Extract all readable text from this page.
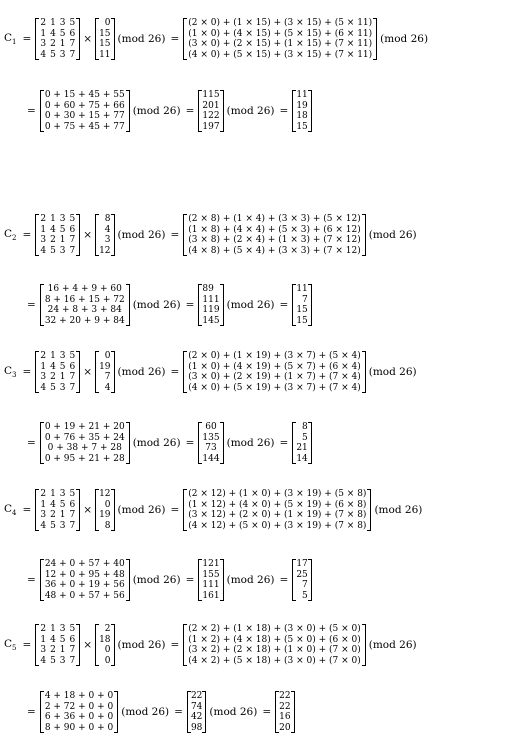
$C_1$ =
2	1	3	5
1	4	5	6
3	2	1	7
4	5	3	7
×
0
15
15
11
(mod 26) =
(2 × 0) + (1 × 15) + (3 × 15) + (5 × 11)
(1 × 0) + (4 × 15) + (5 × 15) + (6 × 11)
(3 × 0) + (2 × 15) + (1 × 15) + (7 × 11)
(4 × 0) + (5 × 15) + (3 × 15) + (7 × 11)
(mod 26)
=
0 + 15 + 45 + 55
0 + 60 + 75 + 66
0 + 30 + 15 + 77
0 + 75 + 45 + 77
(mod 26) =
115
201
122
197
(mod 26) =
11
19
18
15
$C_2$ =
2	1	3	5
1	4	5	6
3	2	1	7
4	5	3	7
×
8
4
3
12
(mod 26) =
(2 × 8) + (1 × 4) + (3 × 3) + (5 × 12)
(1 × 8) + (4 × 4) + (5 × 3) + (6 × 12)
(3 × 8) + (2 × 4) + (1 × 3) + (7 × 12)
(4 × 8) + (5 × 4) + (3 × 3) + (7 × 12)
(mod 26)
=
16 + 4 + 9 + 60
8 + 16 + 15 + 72
24 + 8 + 3 + 84
32 + 20 + 9 + 84
(mod 26) =
89
111
119
145
(mod 26) =
11
7
15
15
$C_3$ =
2	1	3	5
1	4	5	6
3	2	1	7
4	5	3	7
×
0
19
7
4
(mod 26) =
(2 × 0) + (1 × 19) + (3 × 7) + (5 × 4)
(1 × 0) + (4 × 19) + (5 × 7) + (6 × 4)
(3 × 0) + (2 × 19) + (1 × 7) + (7 × 4)
(4 × 0) + (5 × 19) + (3 × 7) + (7 × 4)
(mod 26)
=
0 + 19 + 21 + 20
0 + 76 + 35 + 24
0 + 38 + 7 + 28
0 + 95 + 21 + 28
(mod 26) =
60
135
73
144
(mod 26) =
8
5
21
14
$C_4$ =
2	1	3	5
1	4	5	6
3	2	1	7
4	5	3	7
×
12
0
19
8
(mod 26) =
(2 × 12) + (1 × 0) + (3 × 19) + (5 × 8)
(1 × 12) + (4 × 0) + (5 × 19) + (6 × 8)
(3 × 12) + (2 × 0) + (1 × 19) + (7 × 8)
(4 × 12) + (5 × 0) + (3 × 19) + (7 × 8)
(mod 26)
=
24 + 0 + 57 + 40
12 + 0 + 95 + 48
36 + 0 + 19 + 56
48 + 0 + 57 + 56
(mod 26) =
121
155
111
161
(mod 26) =
17
25
7
5
$C_5$ =
2	1	3	5
1	4	5	6
3	2	1	7
4	5	3	7
×
2
18
0
0
(mod 26) =
(2 × 2) + (1 × 18) + (3 × 0) + (5 × 0)
(1 × 2) + (4 × 18) + (5 × 0) + (6 × 0)
(3 × 2) + (2 × 18) + (1 × 0) + (7 × 0)
(4 × 2) + (5 × 18) + (3 × 0) + (7 × 0)
(mod 26)
=
4 + 18 + 0 + 0
2 + 72 + 0 + 0
6 + 36 + 0 + 0
8 + 90 + 0 + 0
(mod 26) =
22
74
42
98
(mod 26) =
22
22
16
20
